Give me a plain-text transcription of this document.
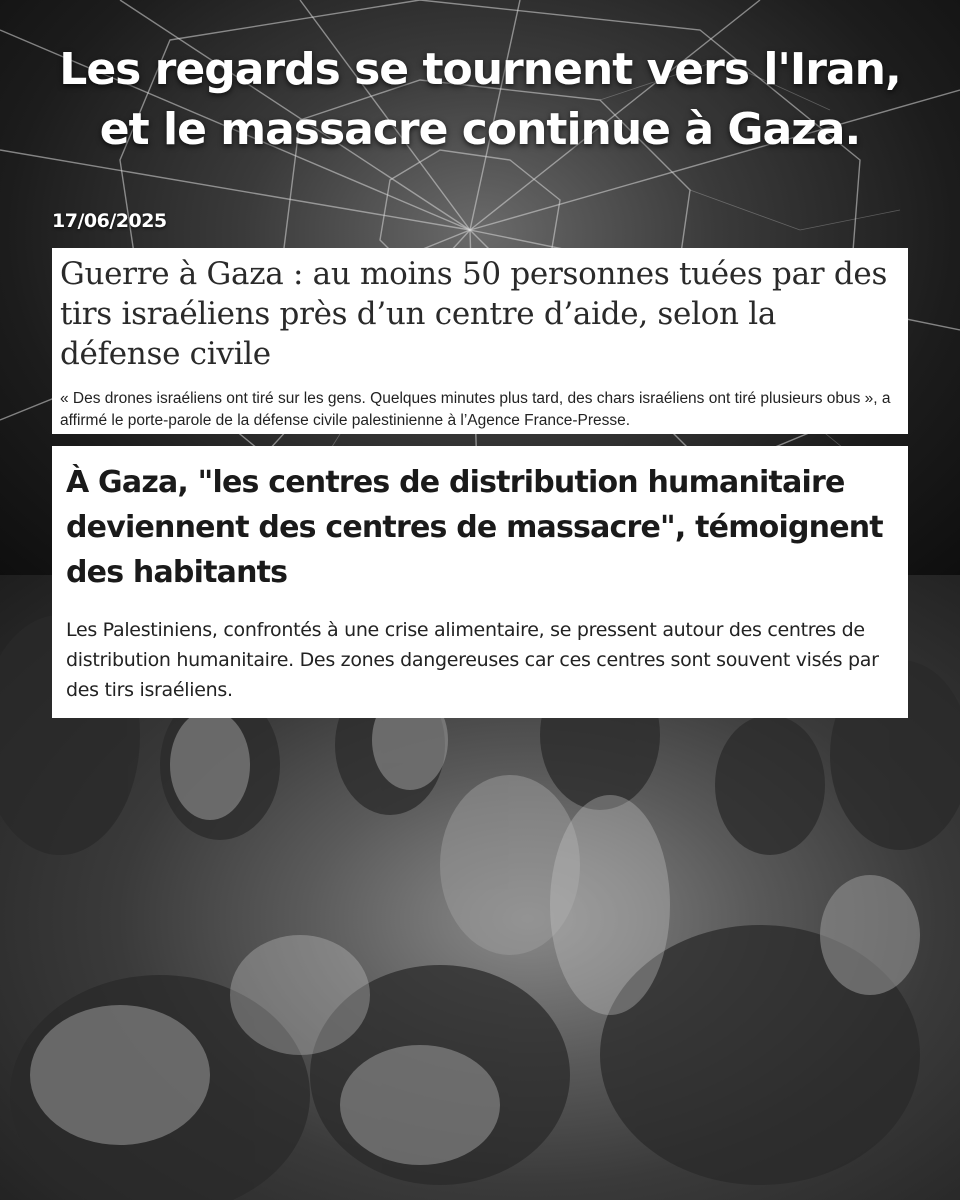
Les regards se tournent vers l'Iran,
et le massacre continue à Gaza.
17/06/2025

Guerre à Gaza : au moins 50 personnes tuées par des tirs israéliens près d’un centre d’aide, selon la défense civile

« Des drones israéliens ont tiré sur les gens. Quelques minutes plus tard, des chars israéliens ont tiré plusieurs obus », a affirmé le porte-parole de la défense civile palestinienne à l’Agence France-Presse.

À Gaza, "les centres de distribution humanitaire deviennent des centres de massacre", témoignent des habitants

Les Palestiniens, confrontés à une crise alimentaire, se pressent autour des centres de distribution humanitaire. Des zones dangereuses car ces centres sont souvent visés par des tirs israéliens.
